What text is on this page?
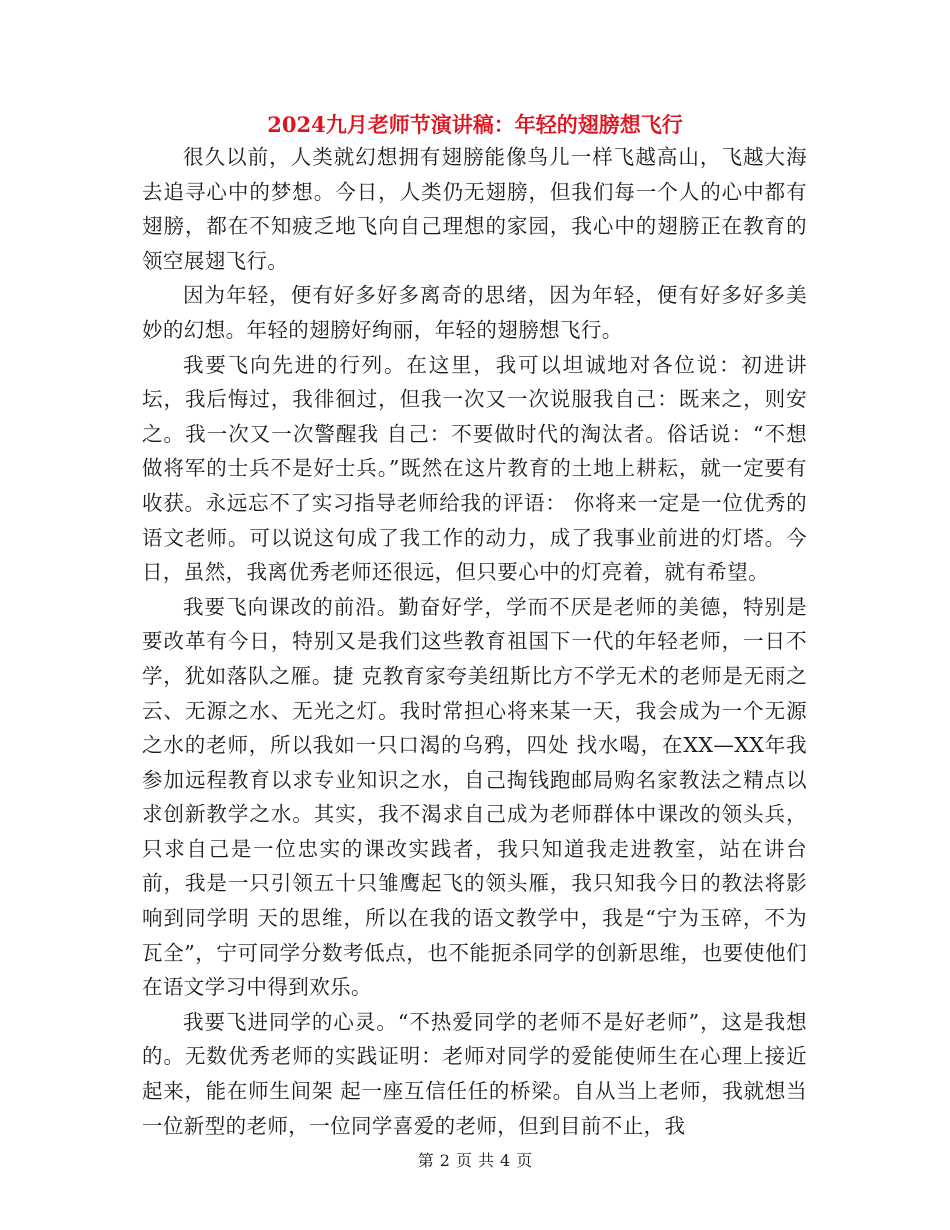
2024九月老师节演讲稿：年轻的翅膀想飞行

很久以前，人类就幻想拥有翅膀能像鸟儿一样飞越高山，飞越大海去追寻心中的梦想。今日，人类仍无翅膀，但我们每一个人的心中都有翅膀，都在不知疲乏地飞向自己理想的家园，我心中的翅膀正在教育的领空展翅飞行。

因为年轻，便有好多好多离奇的思绪，因为年轻，便有好多好多美妙的幻想。年轻的翅膀好绚丽，年轻的翅膀想飞行。

我要飞向先进的行列。在这里，我可以坦诚地对各位说：初进讲坛，我后悔过，我徘徊过，但我一次又一次说服我自己：既来之，则安之。我一次又一次警醒我 自己：不要做时代的淘汰者。俗话说：“不想做将军的士兵不是好士兵。”既然在这片教育的土地上耕耘，就一定要有收获。永远忘不了实习指导老师给我的评语： 你将来一定是一位优秀的语文老师。可以说这句成了我工作的动力，成了我事业前进的灯塔。今日，虽然，我离优秀老师还很远，但只要心中的灯亮着，就有希望。

我要飞向课改的前沿。勤奋好学，学而不厌是老师的美德，特别是要改革有今日，特别又是我们这些教育祖国下一代的年轻老师，一日不学，犹如落队之雁。捷 克教育家夸美纽斯比方不学无术的老师是无雨之云、无源之水、无光之灯。我时常担心将来某一天，我会成为一个无源之水的老师，所以我如一只口渴的乌鸦，四处 找水喝，在XX—XX年我参加远程教育以求专业知识之水，自己掏钱跑邮局购名家教法之精点以求创新教学之水。其实，我不渴求自己成为老师群体中课改的领头兵，只求自己是一位忠实的课改实践者，我只知道我走进教室，站在讲台前，我是一只引领五十只雏鹰起飞的领头雁，我只知我今日的教法将影响到同学明 天的思维，所以在我的语文教学中，我是“宁为玉碎，不为瓦全”，宁可同学分数考低点，也不能扼杀同学的创新思维，也要使他们在语文学习中得到欢乐。

我要飞进同学的心灵。“不热爱同学的老师不是好老师”，这是我想的。无数优秀老师的实践证明：老师对同学的爱能使师生在心理上接近起来，能在师生间架 起一座互信任任的桥梁。自从当上老师，我就想当一位新型的老师，一位同学喜爱的老师，但到目前不止，我

第 2 页 共 4 页
